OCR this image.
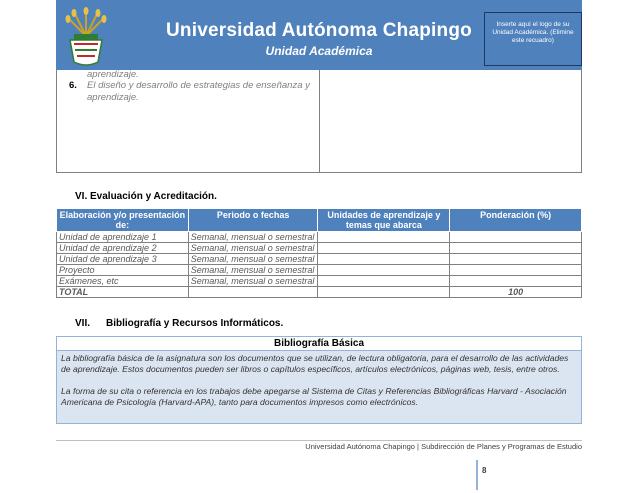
Universidad Autónoma Chapingo
Unidad Académica
Inserte aquí el logo de su Unidad Académica. (Elimine este recuadro)
aprendizaje.
6. El diseño y desarrollo de estrategias de enseñanza y
aprendizaje.
VI. Evaluación y Acreditación.
Elaboración y/o presentación de:	Periodo o fechas	Unidades de aprendizaje y temas que abarca	Ponderación (%)
Unidad de aprendizaje 1	Semanal, mensual o semestral		
Unidad de aprendizaje 2	Semanal, mensual o semestral		
Unidad de aprendizaje 3	Semanal, mensual o semestral		
Proyecto	Semanal, mensual o semestral		
Exámenes, etc	Semanal, mensual o semestral		
TOTAL			100
VII. Bibliografía y Recursos Informáticos.
Bibliografía Básica

La bibliografía básica de la asignatura son los documentos que se utilizan, de lectura obligatoria, para el desarrollo de las actividades de aprendizaje. Estos documentos pueden ser libros o capítulos específicos, artículos electrónicos, páginas web, tesis, entre otros.

La forma de su cita o referencia en los trabajos debe apegarse al Sistema de Citas y Referencias Bibliográficas Harvard - Asociación Americana de Psicología (Harvard-APA), tanto para documentos impresos como electrónicos.

Universidad Autónoma Chapingo | Subdirección de Planes y Programas de Estudio
8
